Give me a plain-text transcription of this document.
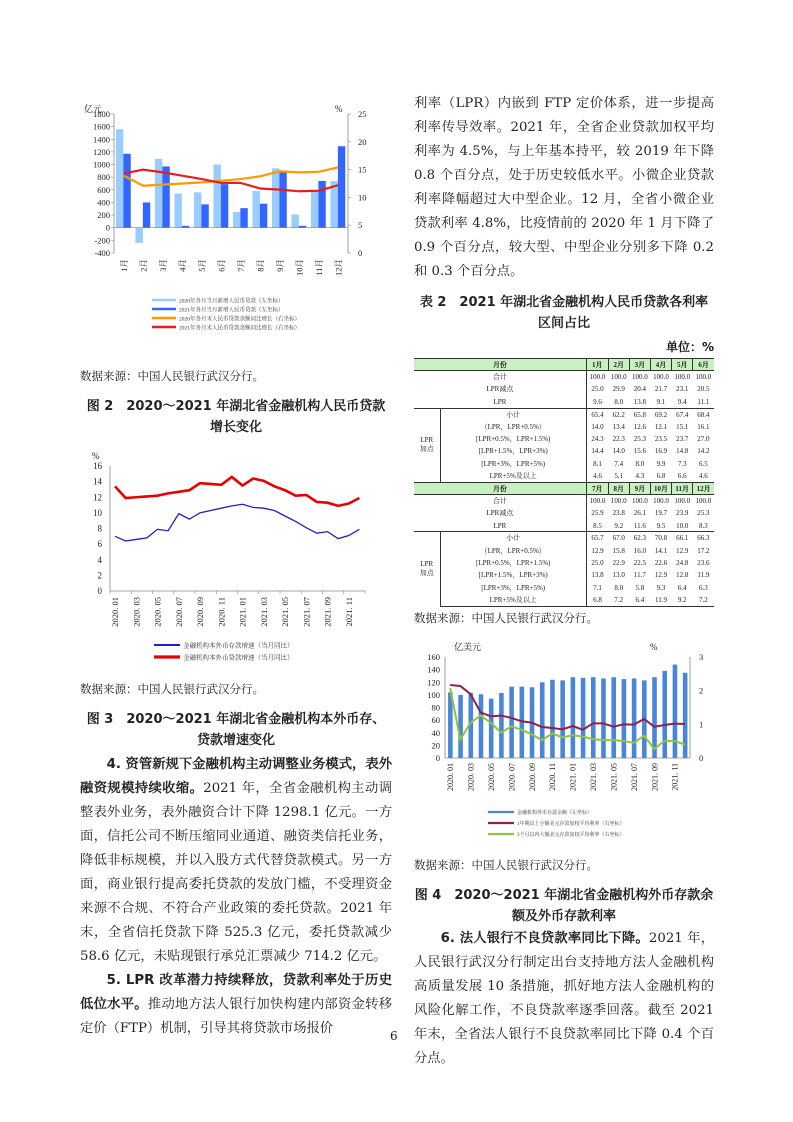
亿元	%
-400
-200
0
200
400
600
800
1000
1200
1400
1600
1800
0
5
10
15
20
25
1月 2月 3月 4月 5月 6月 7月 8月 9月 10月 11月 12月
2020年各月当月新增人民币贷款（左坐标）
2021年各月当月新增人民币贷款（左坐标）
2020年各月末人民币贷款余额同比增长（右坐标）
2021年各月末人民币贷款余额同比增长（右坐标）
数据来源：中国人民银行武汉分行。
图 2　2020～2021 年湖北省金融机构人民币贷款
增长变化
%
0
2
4
6
8
10
12
14
16
2020. 01 2020. 03 2020. 05 2020. 07 2020. 09 2020. 11 2021. 01 2021. 03 2021. 05 2021. 07 2021. 09 2021. 11
金融机构本外币存款增速（当月同比）
金融机构本外币贷款增速（当月同比）
数据来源：中国人民银行武汉分行。
图 3　2020～2021 年湖北省金融机构本外币存、
贷款增速变化
4. 资管新规下金融机构主动调整业务模式，表外融资规模持续收缩。2021 年，全省金融机构主动调整表外业务，表外融资合计下降 1298.1 亿元。一方面，信托公司不断压缩同业通道、融资类信托业务，降低非标规模，并以入股方式代替贷款模式。另一方面，商业银行提高委托贷款的发放门槛，不受理资金来源不合规、不符合产业政策的委托贷款。2021 年末，全省信托贷款下降 525.3 亿元，委托贷款减少 58.6 亿元，未贴现银行承兑汇票减少 714.2 亿元。
5. LPR 改革潜力持续释放，贷款利率处于历史低位水平。推动地方法人银行加快构建内部资金转移定价（FTP）机制，引导其将贷款市场报价
利率（LPR）内嵌到 FTP 定价体系，进一步提高利率传导效率。2021 年，全省企业贷款加权平均利率为 4.5%，与上年基本持平，较 2019 年下降 0.8 个百分点，处于历史较低水平。小微企业贷款利率降幅超过大中型企业。12 月，全省小微企业贷款利率 4.8%，比疫情前的 2020 年 1 月下降了 0.9 个百分点，较大型、中型企业分别多下降 0.2 和 0.3 个百分点。
表 2　2021 年湖北省金融机构人民币贷款各利率
区间占比
单位：%
月份		1月	2月	3月	4月	5月	6月
合计		100.0	100.0	100.0	100.0	100.0	100.0
LPR减点		25.0	29.9	20.4	21.7	23.1	20.5
LPR		9.6	8.0	13.8	9.1	9.4	11.1
LPR加点	小计	65.4	62.2	65.8	69.2	67.4	68.4
	（LPR，LPR+0.5%）	14.0	13.4	12.6	12.1	15.1	16.1
	[LPR+0.5%，LPR+1.5%)	24.3	22.3	25.3	23.5	23.7	27.0
	[LPR+1.5%，LPR+3%)	14.4	14.0	15.6	16.9	14.8	14.2
	[LPR+3%，LPR+5%)	8.1	7.4	8.0	9.9	7.3	6.5
	LPR+5%及以上	4.6	5.1	4.3	6.8	6.6	4.6
月份		7月	8月	9月	10月	11月	12月
合计		100.0	100.0	100.0	100.0	100.0	100.0
LPR减点		25.9	23.8	26.1	19.7	23.9	25.3
LPR		8.5	9.2	11.6	9.5	10.0	8.3
LPR加点	小计	65.7	67.0	62.3	70.8	66.1	66.3
	（LPR，LPR+0.5%）	12.9	15.8	16.0	14.1	12.9	17.2
	[LPR+0.5%，LPR+1.5%)	25.0	22.9	22.5	22.6	24.8	23.6
	[LPR+1.5%，LPR+3%)	13.8	13.0	11.7	12.9	12.8	11.9
	[LPR+3%，LPR+5%)	7.1	8.0	5.8	9.3	6.4	6.3
	LPR+5%及以上	6.8	7.2	6.4	11.9	9.2	7.2
数据来源：中国人民银行武汉分行。
亿美元	%
0
20
40
60
80
100
120
140
160
0
1
2
3
2020. 01 2020. 03 2020. 05 2020. 07 2020. 09 2020. 11 2021. 01 2021. 03 2021. 05 2021. 07 2021. 09 2021. 11
金融机构外币存款余额（左坐标）
1年期以上小额美元存款加权平均利率（右坐标）
3个月以内大额美元存款加权平均利率（右坐标）
数据来源：中国人民银行武汉分行。
图 4　2020～2021 年湖北省金融机构外币存款余
额及外币存款利率
6. 法人银行不良贷款率同比下降。2021 年，人民银行武汉分行制定出台支持地方法人金融机构高质量发展 10 条措施，抓好地方法人金融机构的风险化解工作，不良贷款率逐季回落。截至 2021年末，全省法人银行不良贷款率同比下降 0.4 个百分点。
6
